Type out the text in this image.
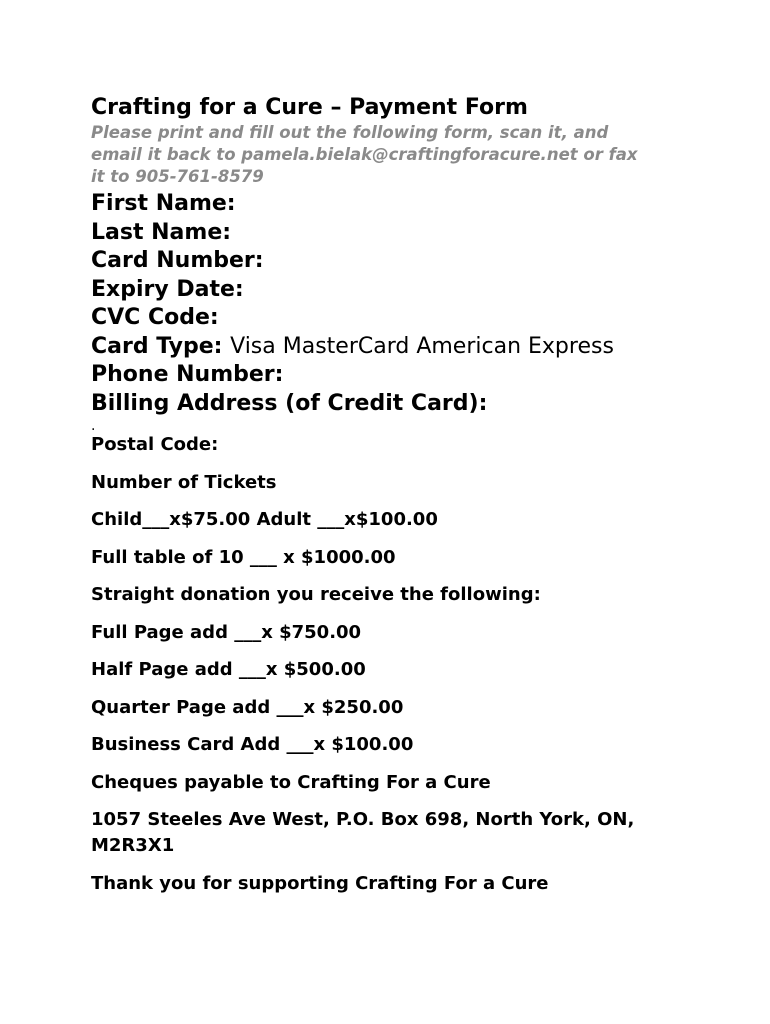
Crafting for a Cure – Payment Form

Please print and fill out the following form, scan it, and email it back to pamela.bielak@craftingforacure.net or fax it to 905-761-8579

First Name:
Last Name:
Card Number:
Expiry Date:
CVC Code:
Card Type: Visa MasterCard American Express
Phone Number:
Billing Address (of Credit Card):
.
Postal Code:
Number of Tickets
Child___x$75.00 Adult ___x$100.00
Full table of 10 ___ x $1000.00
Straight donation you receive the following:
Full Page add ___x $750.00
Half Page add ___x $500.00
Quarter Page add ___x $250.00
Business Card Add ___x $100.00
Cheques payable to Crafting For a Cure
1057 Steeles Ave West, P.O. Box 698, North York, ON, M2R3X1
Thank you for supporting Crafting For a Cure
